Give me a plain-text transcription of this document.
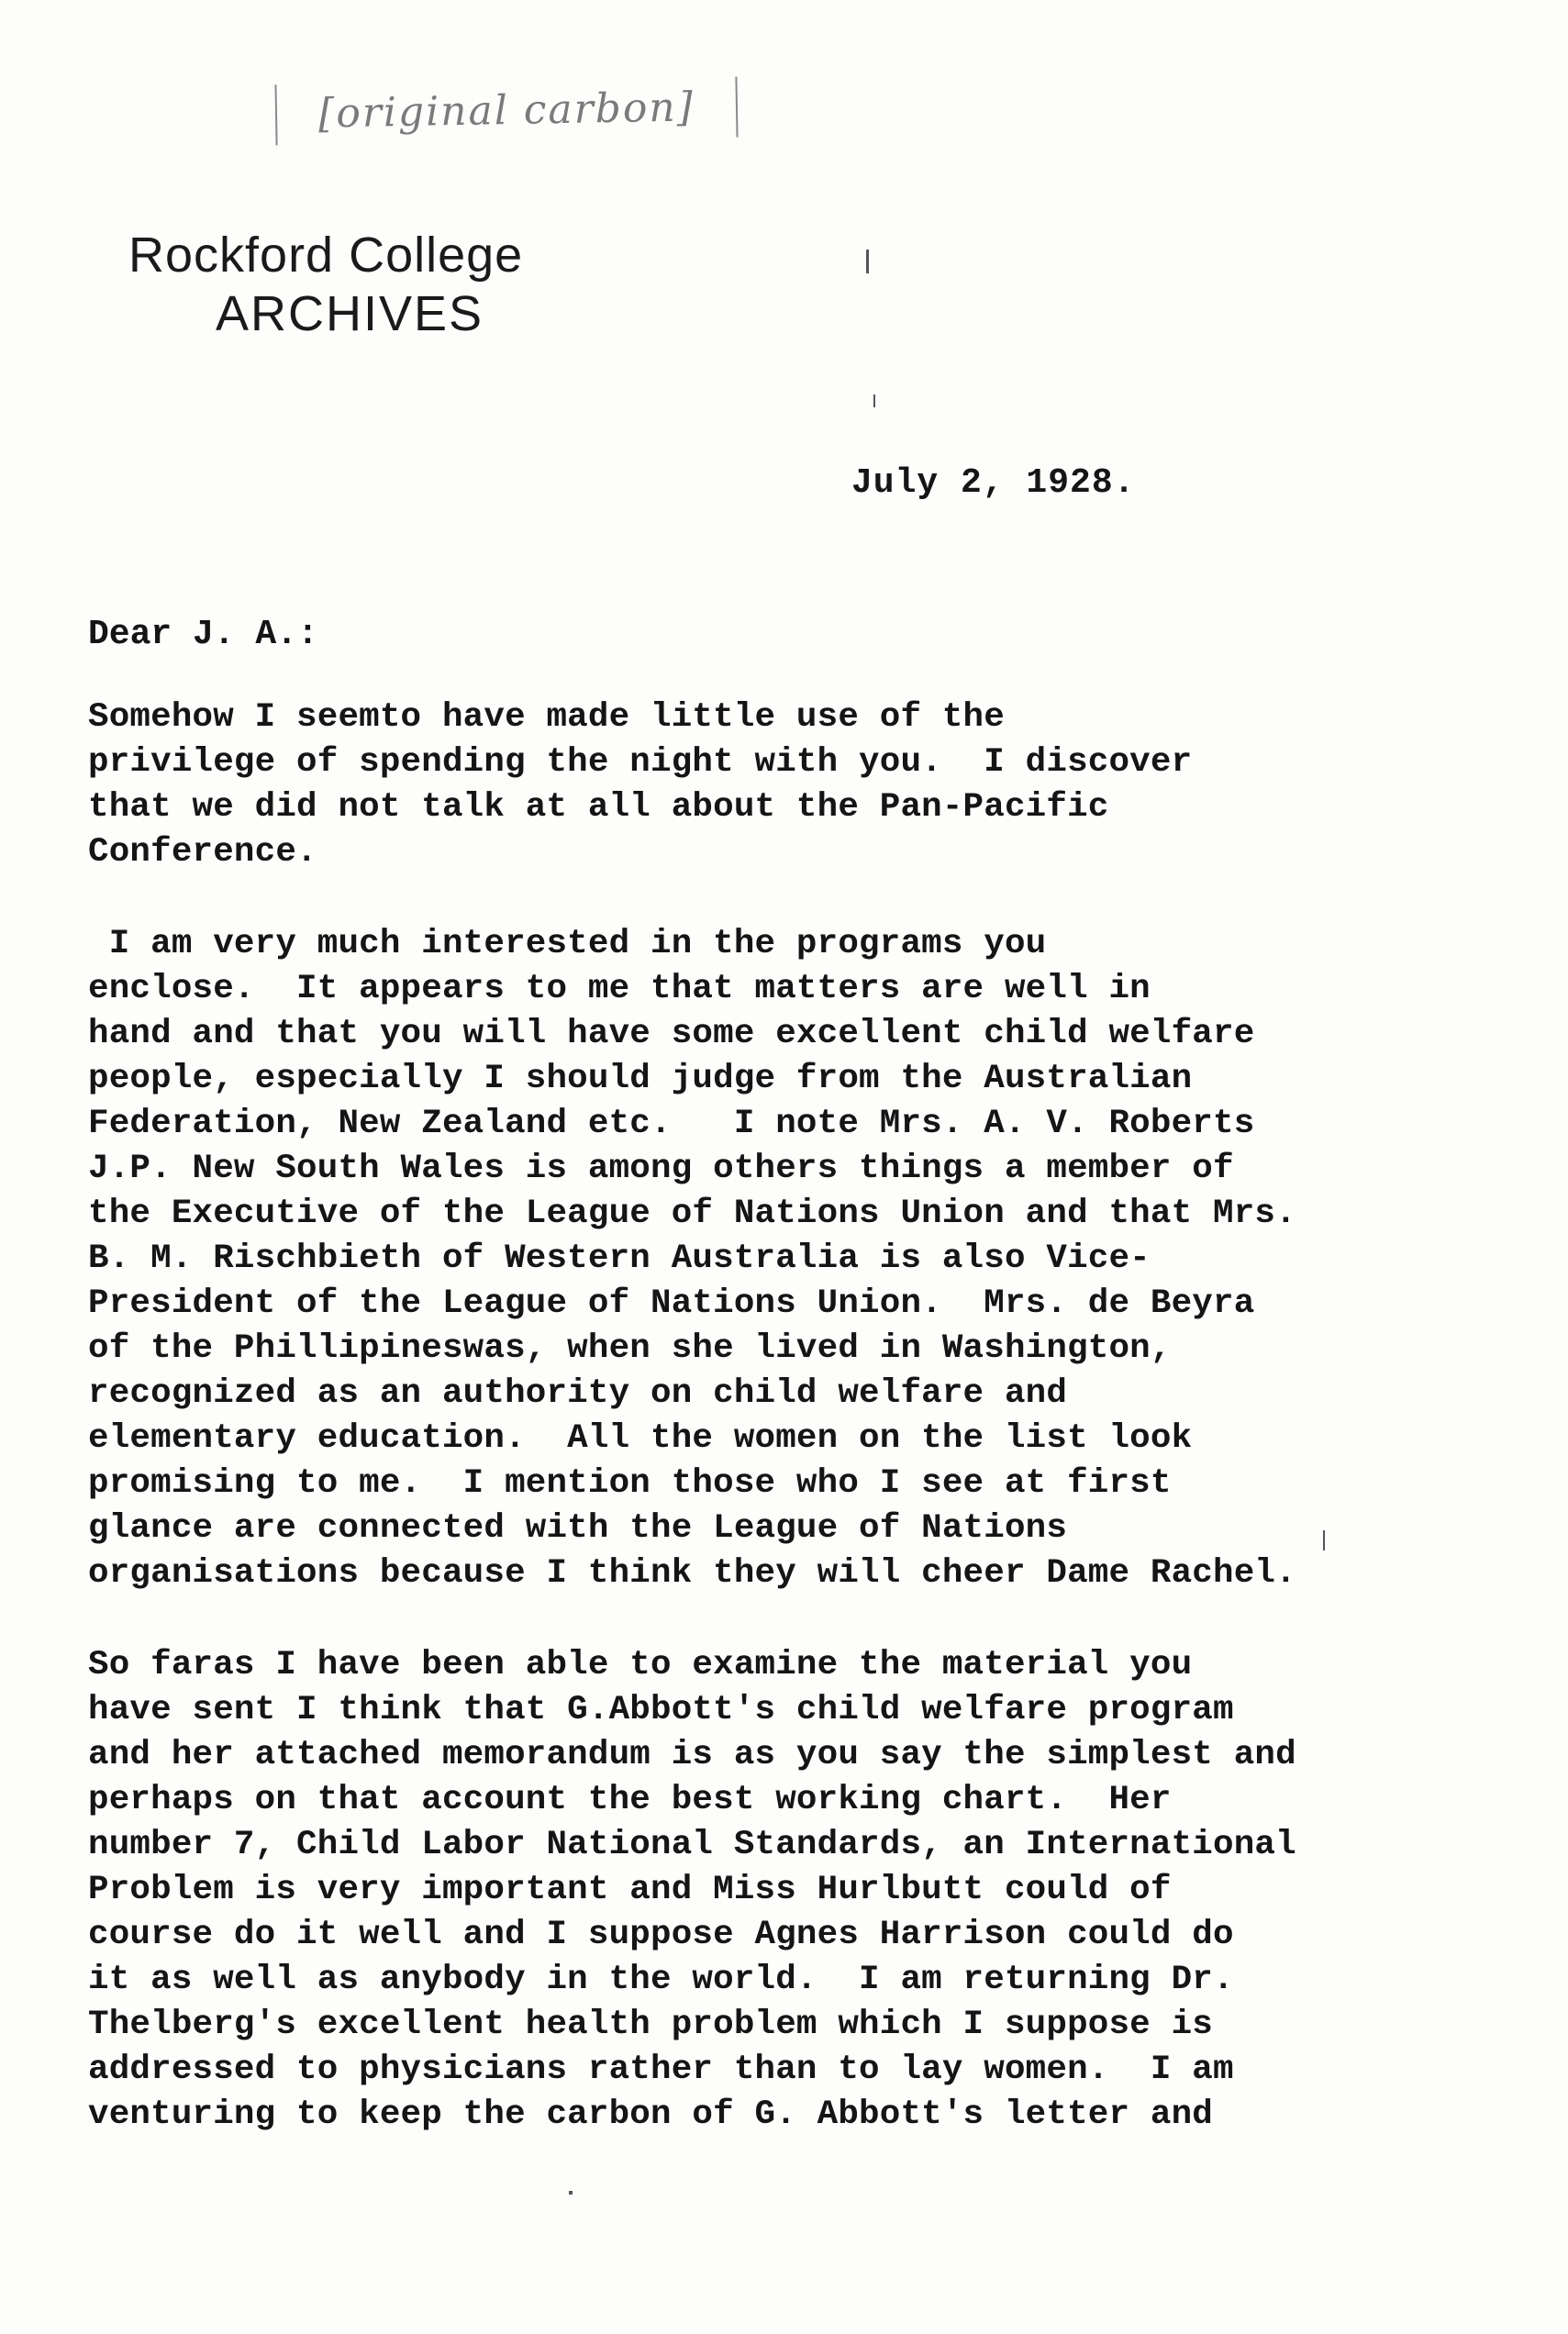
[original carbon]
Rockford College
ARCHIVES
July 2, 1928.
Dear J. A.:
Somehow I seemto have made little use of the
privilege of spending the night with you.  I discover
that we did not talk at all about the Pan-Pacific
Conference.
I am very much interested in the programs you
enclose.  It appears to me that matters are well in
hand and that you will have some excellent child welfare
people, especially I should judge from the Australian
Federation, New Zealand etc.   I note Mrs. A. V. Roberts
J.P. New South Wales is among others things a member of
the Executive of the League of Nations Union and that Mrs.
B. M. Rischbieth of Western Australia is also Vice-
President of the League of Nations Union.  Mrs. de Beyra
of the Phillipineswas, when she lived in Washington,
recognized as an authority on child welfare and
elementary education.  All the women on the list look
promising to me.  I mention those who I see at first
glance are connected with the League of Nations
organisations because I think they will cheer Dame Rachel.
So faras I have been able to examine the material you
have sent I think that G.Abbott's child welfare program
and her attached memorandum is as you say the simplest and
perhaps on that account the best working chart.  Her
number 7, Child Labor National Standards, an International
Problem is very important and Miss Hurlbutt could of
course do it well and I suppose Agnes Harrison could do
it as well as anybody in the world.  I am returning Dr.
Thelberg's excellent health problem which I suppose is
addressed to physicians rather than to lay women.  I am
venturing to keep the carbon of G. Abbott's letter and
